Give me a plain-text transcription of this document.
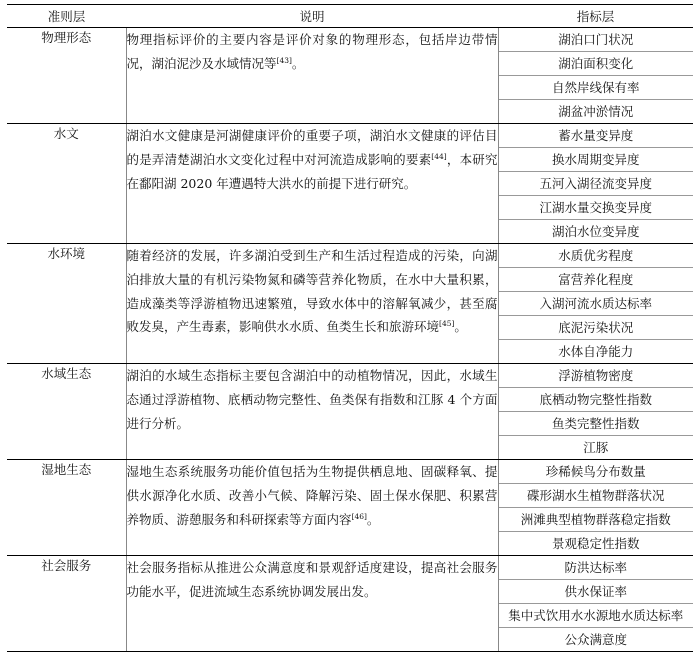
准则层	说明	指标层
物理形态	物理指标评价的主要内容是评价对象的物理形态，包括岸边带情况，湖泊泥沙及水域情况等[43]。	湖泊口门状况
		湖泊面积变化
		自然岸线保有率
		湖盆冲淤情况
水文	湖泊水文健康是河湖健康评价的重要子项，湖泊水文健康的评估目的是弄清楚湖泊水文变化过程中对河流造成影响的要素[44]，本研究在鄱阳湖 2020 年遭遇特大洪水的前提下进行研究。	蓄水量变异度
		换水周期变异度
		五河入湖径流变异度
		江湖水量交换变异度
		湖泊水位变异度
水环境	随着经济的发展，许多湖泊受到生产和生活过程造成的污染，向湖泊排放大量的有机污染物氮和磷等营养化物质，在水中大量积累，造成藻类等浮游植物迅速繁殖，导致水体中的溶解氧减少，甚至腐败发臭，产生毒素，影响供水水质、鱼类生长和旅游环境[45]。	水质优劣程度
		富营养化程度
		入湖河流水质达标率
		底泥污染状况
		水体自净能力
水域生态	湖泊的水域生态指标主要包含湖泊中的动植物情况，因此，水域生态通过浮游植物、底栖动物完整性、鱼类保有指数和江豚 4 个方面进行分析。	浮游植物密度
		底栖动物完整性指数
		鱼类完整性指数
		江豚
湿地生态	湿地生态系统服务功能价值包括为生物提供栖息地、固碳释氧、提供水源净化水质、改善小气候、降解污染、固土保水保肥、积累营养物质、游憩服务和科研探索等方面内容[46]。	珍稀候鸟分布数量
		碟形湖水生植物群落状况
		洲滩典型植物群落稳定指数
		景观稳定性指数
社会服务	社会服务指标从推进公众满意度和景观舒适度建设，提高社会服务功能水平，促进流域生态系统协调发展出发。	防洪达标率
		供水保证率
		集中式饮用水水源地水质达标率
		公众满意度
